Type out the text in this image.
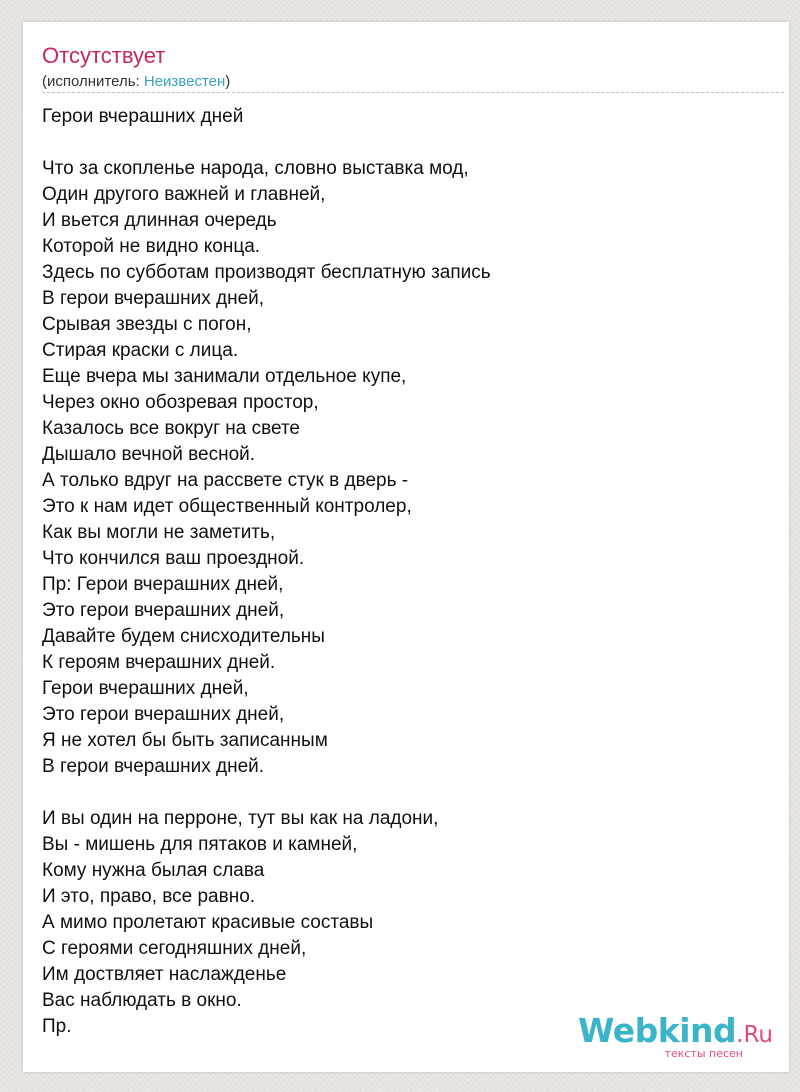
Отсутствует
(исполнитель: Неизвестен)
Герои вчерашних дней

Что за скопленье народа, словно выставка мод,
Один другого важней и главней,
И вьется длинная очередь
Которой не видно конца.
Здесь по субботам производят бесплатную запись
В герои вчерашних дней,
Срывая звезды с погон,
Стирая краски с лица.
Еще вчера мы занимали отдельное купе,
Через окно обозревая простор,
Казалось все вокруг на свете
Дышало вечной весной.
А только вдруг на рассвете стук в дверь -
Это к нам идет общественный контролер,
Как вы могли не заметить,
Что кончился ваш проездной.
Пр: Герои вчерашних дней,
Это герои вчерашних дней,
Давайте будем снисходительны
К героям вчерашних дней.
Герои вчерашних дней,
Это герои вчерашних дней,
Я не хотел бы быть записанным
В герои вчерашних дней.

И вы один на перроне, тут вы как на ладони,
Вы - мишень для пятаков и камней,
Кому нужна былая слава
И это, право, все равно.
А мимо пролетают красивые составы
С героями сегодняшних дней,
Им доствляет наслажденье
Вас наблюдать в окно.
Пр.	Webkind.Ru
тексты песен
